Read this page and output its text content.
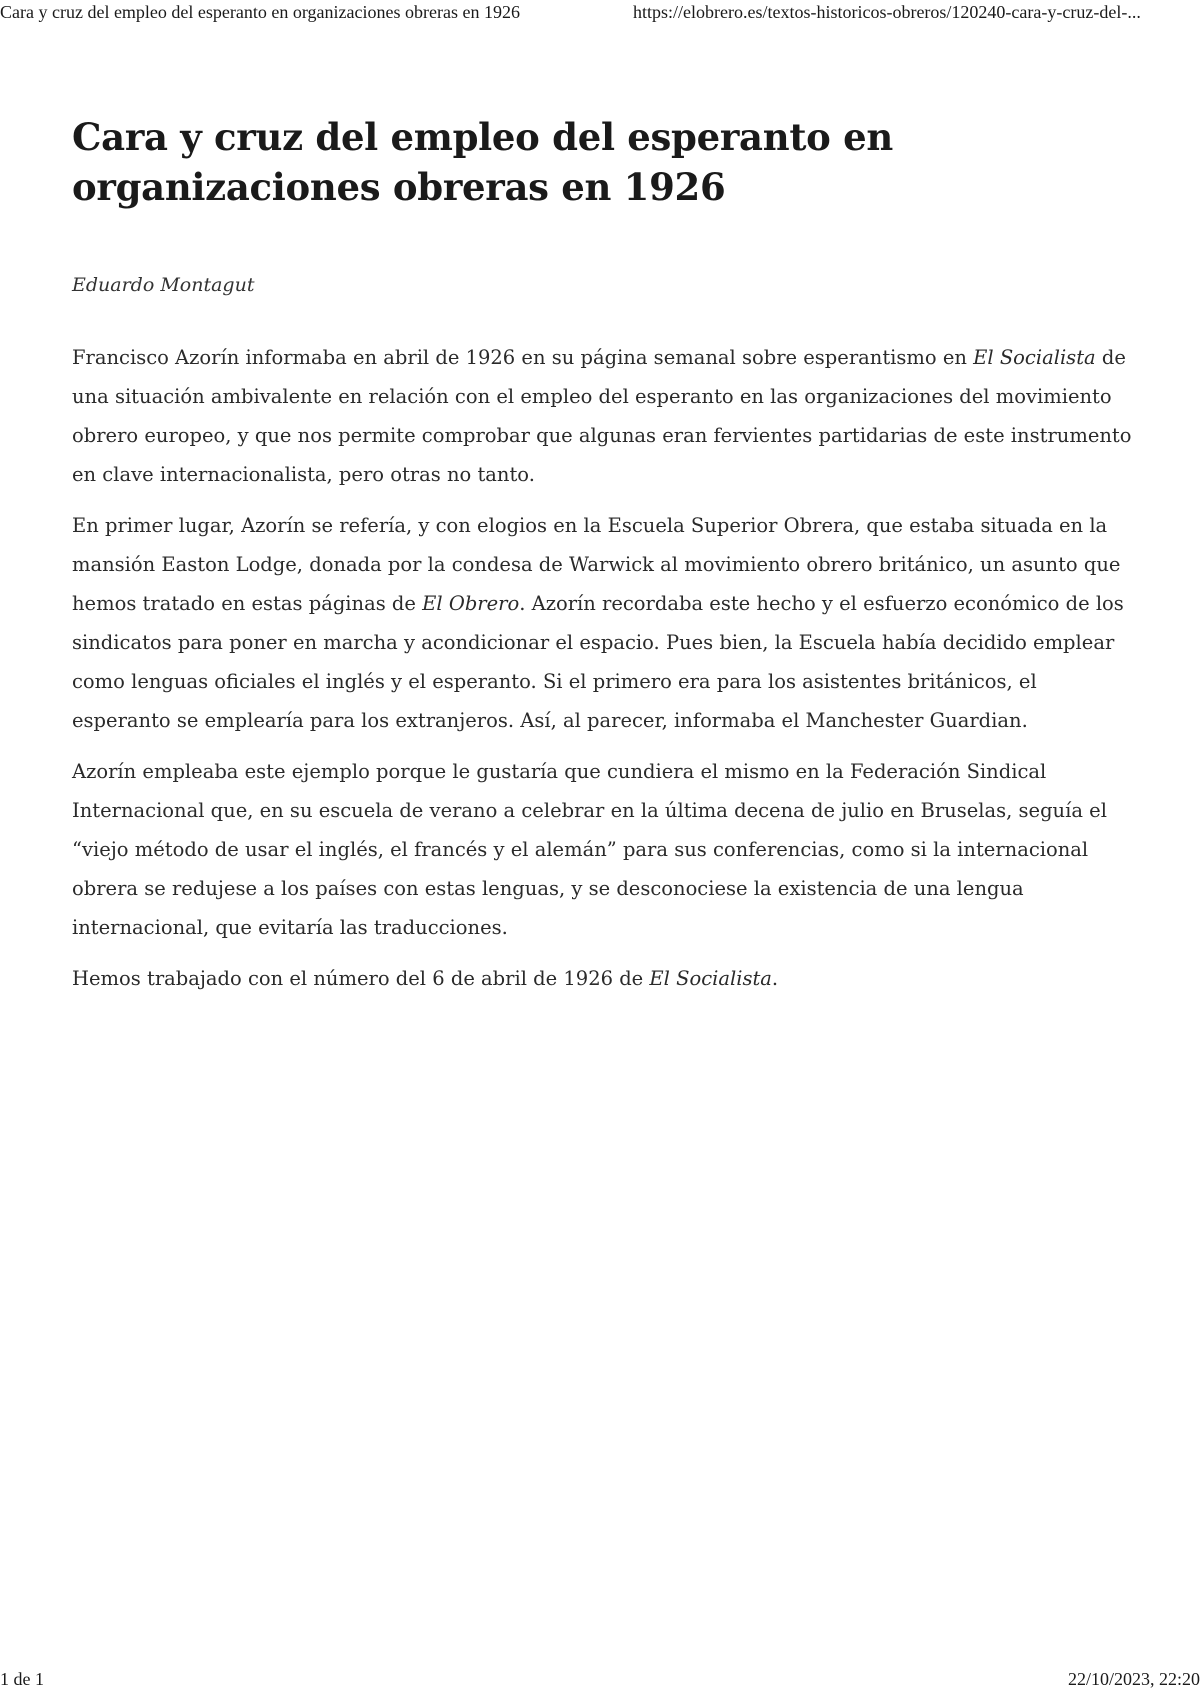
Cara y cruz del empleo del esperanto en organizaciones obreras en 1926	https://elobrero.es/textos-historicos-obreros/120240-cara-y-cruz-del-...
Cara y cruz del empleo del esperanto en organizaciones obreras en 1926

Eduardo Montagut

Francisco Azorín informaba en abril de 1926 en su página semanal sobre esperantismo en El Socialista de una situación ambivalente en relación con el empleo del esperanto en las organizaciones del movimiento obrero europeo, y que nos permite comprobar que algunas eran fervientes partidarias de este instrumento en clave internacionalista, pero otras no tanto.

En primer lugar, Azorín se refería, y con elogios en la Escuela Superior Obrera, que estaba situada en la mansión Easton Lodge, donada por la condesa de Warwick al movimiento obrero británico, un asunto que hemos tratado en estas páginas de El Obrero. Azorín recordaba este hecho y el esfuerzo económico de los sindicatos para poner en marcha y acondicionar el espacio. Pues bien, la Escuela había decidido emplear como lenguas oficiales el inglés y el esperanto. Si el primero era para los asistentes británicos, el esperanto se emplearía para los extranjeros. Así, al parecer, informaba el Manchester Guardian.

Azorín empleaba este ejemplo porque le gustaría que cundiera el mismo en la Federación Sindical Internacional que, en su escuela de verano a celebrar en la última decena de julio en Bruselas, seguía el “viejo método de usar el inglés, el francés y el alemán” para sus conferencias, como si la internacional obrera se redujese a los países con estas lenguas, y se desconociese la existencia de una lengua internacional, que evitaría las traducciones.

Hemos trabajado con el número del 6 de abril de 1926 de El Socialista.

1 de 1	22/10/2023, 22:20
